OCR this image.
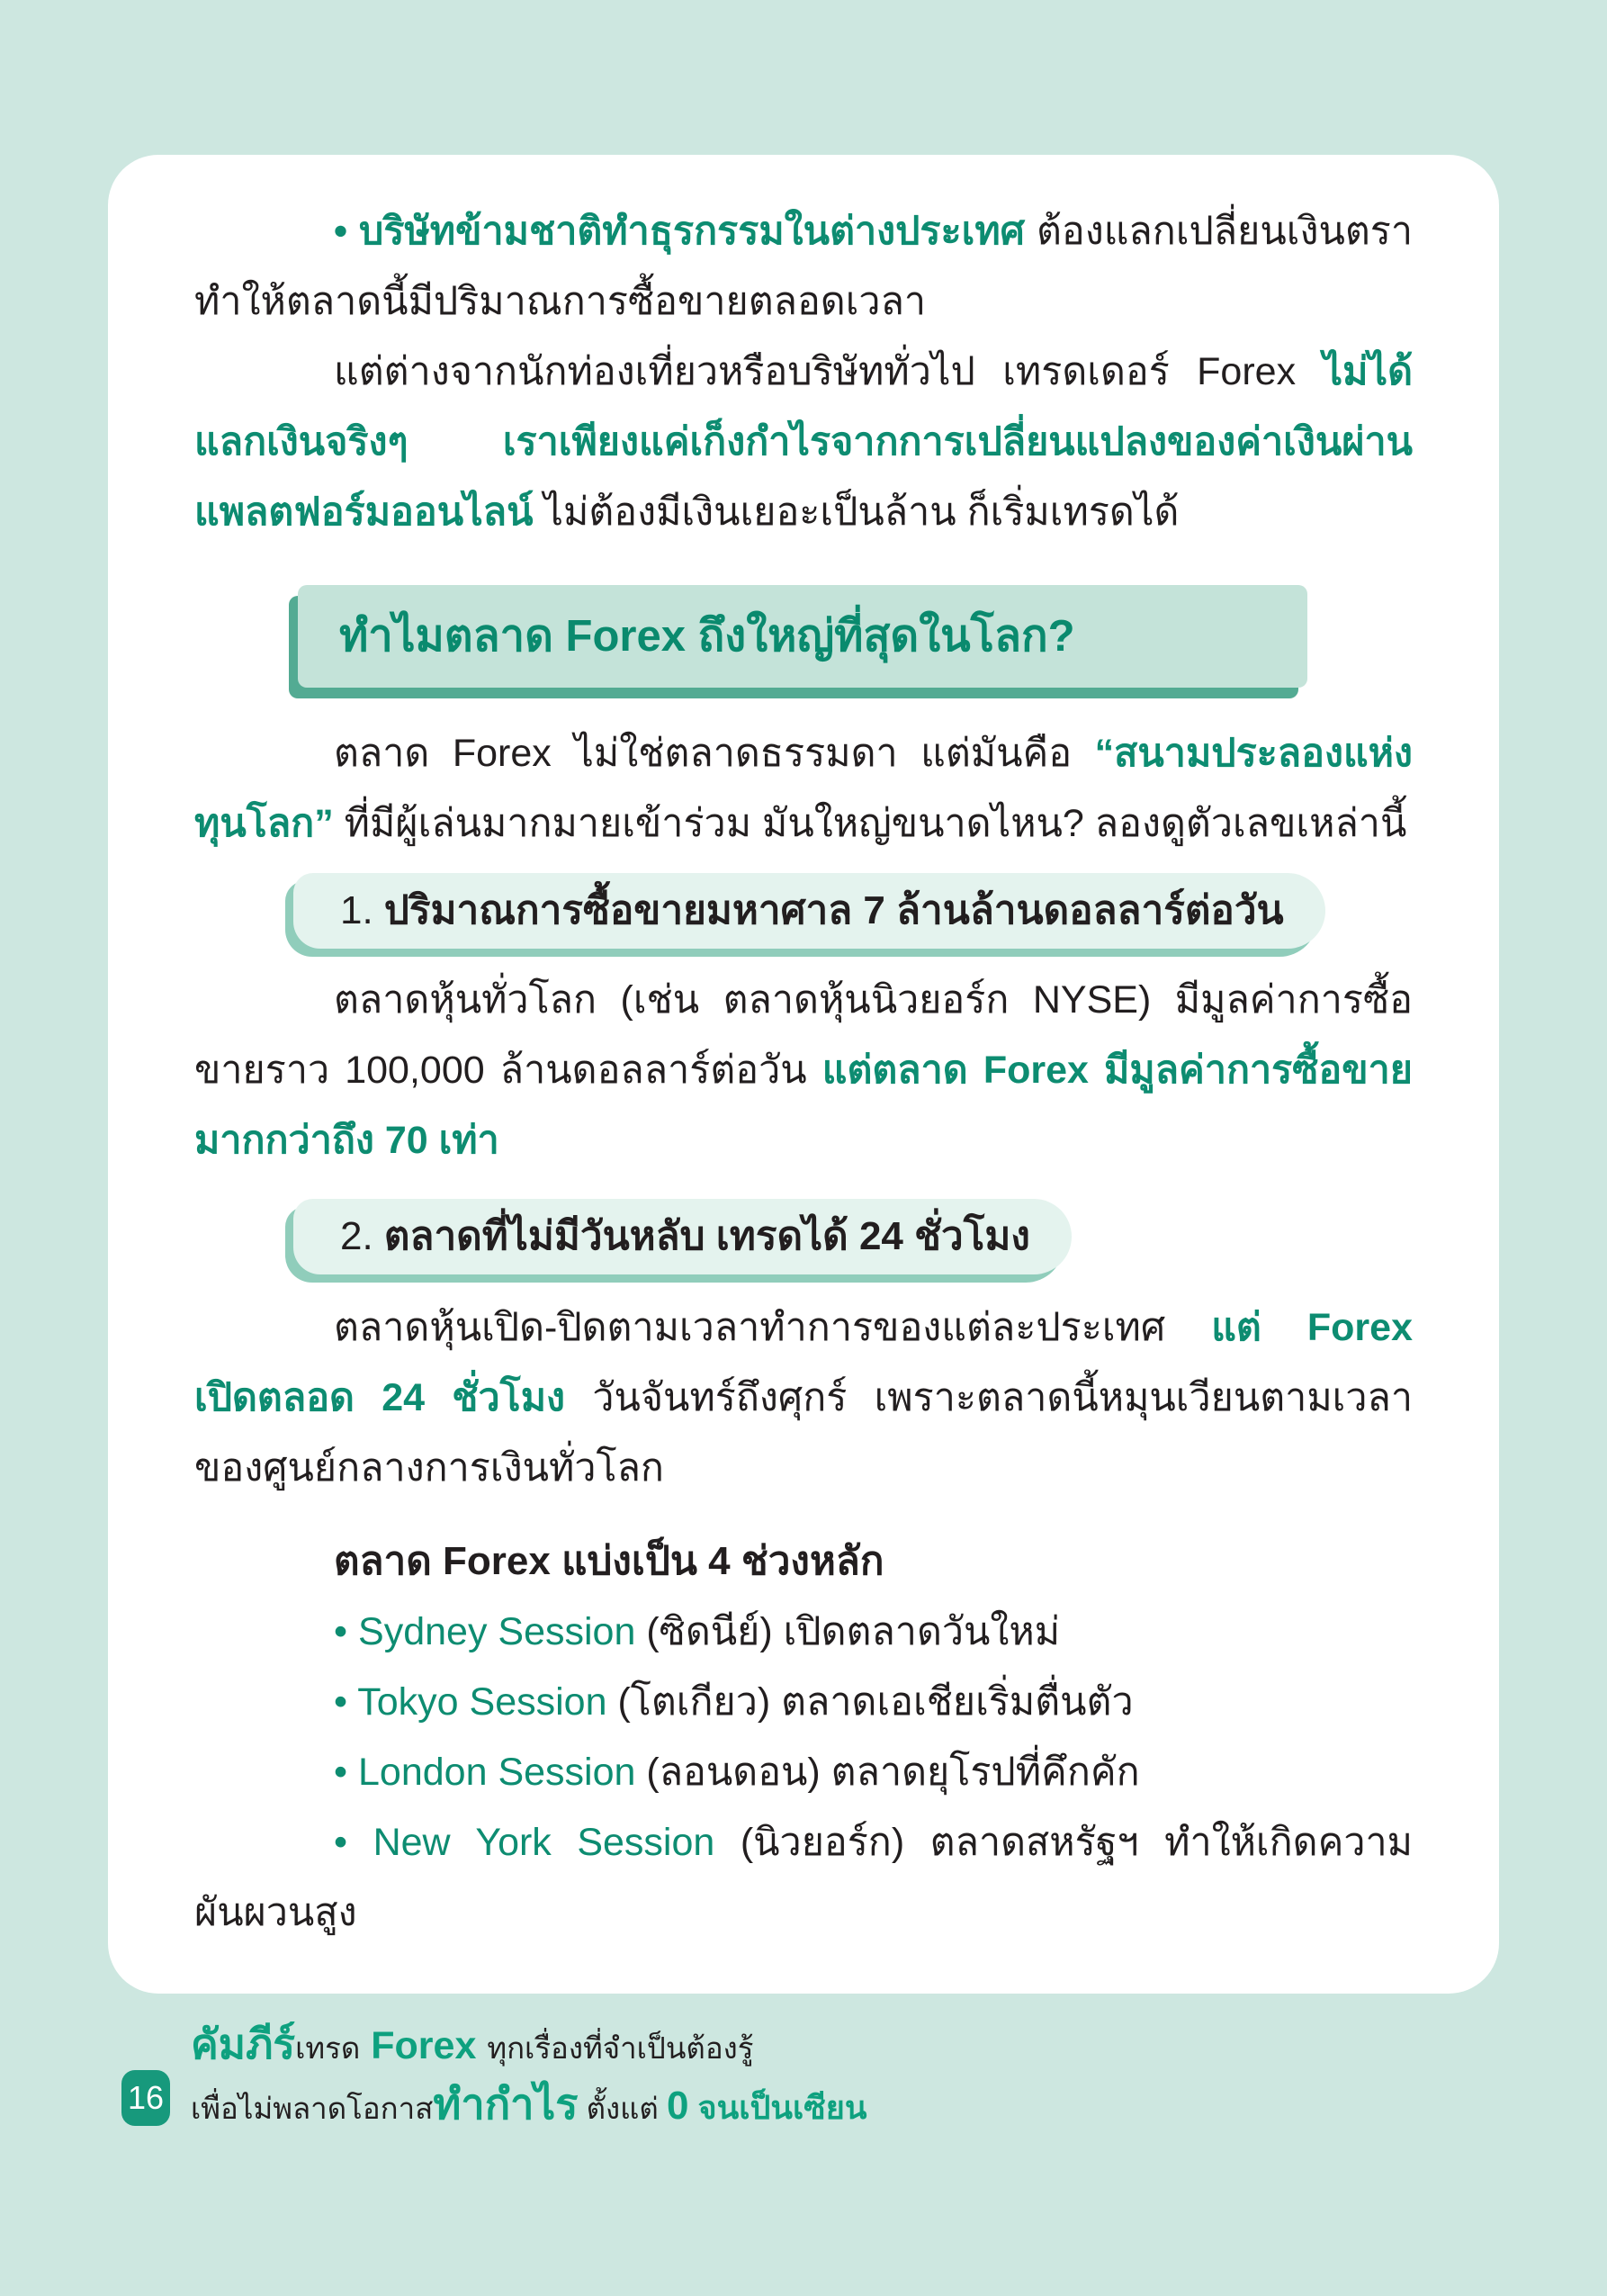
• บริษัทข้ามชาติทำธุรกรรมในต่างประเทศ ต้องแลกเปลี่ยนเงินตรา ทำให้ตลาดนี้มีปริมาณการซื้อขายตลอดเวลา

แต่ต่างจากนักท่องเที่ยวหรือบริษัททั่วไป เทรดเดอร์ Forex ไม่ได้แลกเงินจริงๆ เราเพียงแค่เก็งกำไรจากการเปลี่ยนแปลงของค่าเงินผ่านแพลตฟอร์มออนไลน์ ไม่ต้องมีเงินเยอะเป็นล้าน ก็เริ่มเทรดได้

ทำไมตลาด Forex ถึงใหญ่ที่สุดในโลก?

ตลาด Forex ไม่ใช่ตลาดธรรมดา แต่มันคือ “สนามประลองแห่งทุนโลก” ที่มีผู้เล่นมากมายเข้าร่วม มันใหญ่ขนาดไหน? ลองดูตัวเลขเหล่านี้

1. ปริมาณการซื้อขายมหาศาล 7 ล้านล้านดอลลาร์ต่อวัน

ตลาดหุ้นทั่วโลก (เช่น ตลาดหุ้นนิวยอร์ก NYSE) มีมูลค่าการซื้อขายราว 100,000 ล้านดอลลาร์ต่อวัน แต่ตลาด Forex มีมูลค่าการซื้อขายมากกว่าถึง 70 เท่า

2. ตลาดที่ไม่มีวันหลับ เทรดได้ 24 ชั่วโมง

ตลาดหุ้นเปิด-ปิดตามเวลาทำการของแต่ละประเทศ แต่ Forex เปิดตลอด 24 ชั่วโมง วันจันทร์ถึงศุกร์ เพราะตลาดนี้หมุนเวียนตามเวลาของศูนย์กลางการเงินทั่วโลก

ตลาด Forex แบ่งเป็น 4 ช่วงหลัก

• Sydney Session (ซิดนีย์) เปิดตลาดวันใหม่

• Tokyo Session (โตเกียว) ตลาดเอเชียเริ่มตื่นตัว

• London Session (ลอนดอน) ตลาดยุโรปที่คึกคัก

• New York Session (นิวยอร์ก) ตลาดสหรัฐฯ ทำให้เกิดความผันผวนสูง

16
คัมภีร์เทรด Forex ทุกเรื่องที่จำเป็นต้องรู้
เพื่อไม่พลาดโอกาสทำกำไร ตั้งแต่ 0 จนเป็นเซียน
